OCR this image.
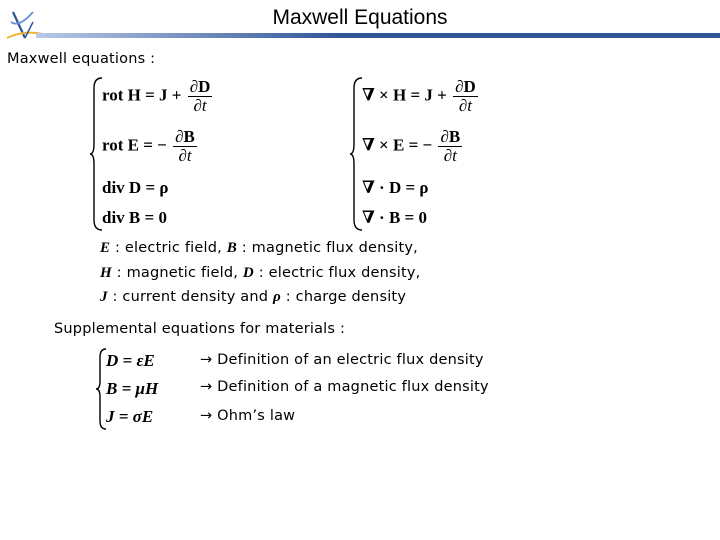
Maxwell Equations
Maxwell equations :
rot $H = J + \frac{\partial D}{\partial t}$
rot E = − $\frac{\partial B}{\partial t}$
div D = ρ
div B = 0
∇ × $H = J + \frac{\partial D}{\partial t}$
∇ × E = − $\frac{\partial B}{\partial t}$
∇ · D = ρ
∇ · B = 0
E : electric field, B : magnetic flux density,
H : magnetic field, D : electric flux density,
J : current density and ρ : charge density
Supplemental equations for materials :
D = εE
B = μH
J = σE
→ Definition of an electric flux density
→ Definition of a magnetic flux density
→ Ohm’s law
